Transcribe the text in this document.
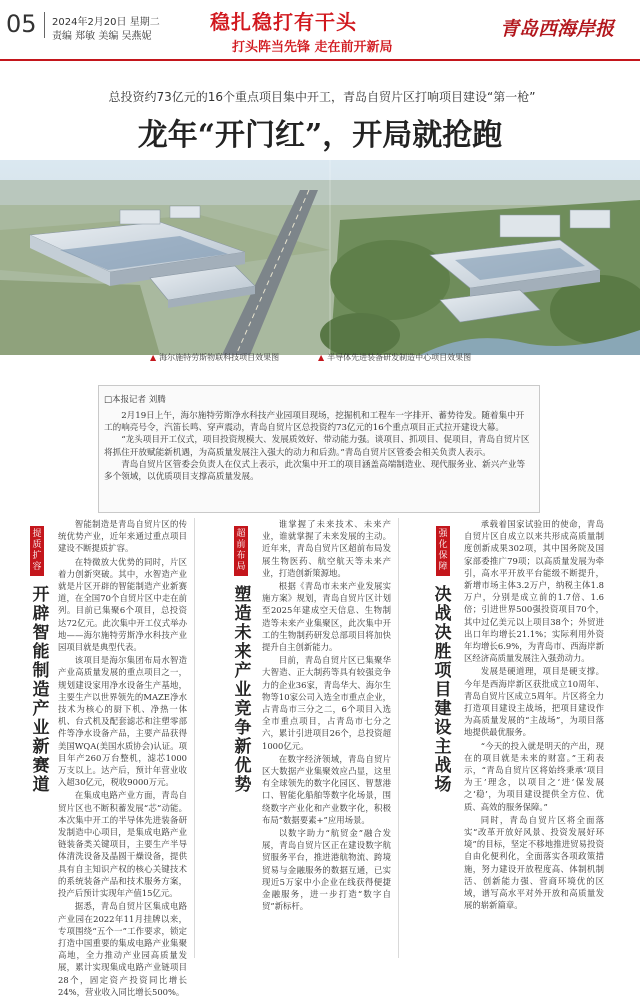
05 2024年2月20日 星期二
责编 郑敏 美编 吴燕妮
稳扎稳打有干头
打头阵当先锋 走在前开新局
青岛西海岸报
总投资约73亿元的16个重点项目集中开工，青岛自贸片区打响项目建设“第一枪”
龙年“开门红”，开局就抢跑
▲ 海尔施特劳斯物联科技项目效果图	▲ 半导体先进装备研发制造中心项目效果图
□本报记者 刘腾

2月19日上午，海尔施特劳斯净水科技产业园项目现场，挖掘机和工程车一字排开、蓄势待发。随着集中开工的响亮号令，汽笛长鸣、穿声震动，青岛自贸片区总投资约73亿元的16个重点项目正式拉开建设大幕。

“龙头项目开工仪式，项目投资规模大、发展质效好、带动能力强。谈项目、抓项目、促项目，青岛自贸片区将抓住开放赋能新机遇，为高质量发展注入强大的动力和后劲。”青岛自贸片区管委会相关负责人表示。

青岛自贸片区管委会负责人在仪式上表示，此次集中开工的项目涵盖高端制造业、现代服务业、新兴产业等多个领域，以优质项目支撑高质量发展。

提质扩容
开辟智能制造产业新赛道

智能制造是青岛自贸片区的传统优势产业，近年来通过重点项目建设不断提质扩容。

在特微放大优势的同时，片区着力创新突破。其中，水智造产业就是片区开辟的智能制造产业新赛道，在全国70个自贸片区中走在前列。目前已集聚6个项目，总投资达72亿元。此次集中开工仪式举办地——海尔施特劳斯净水科技产业园项目就是典型代表。

该项目是海尔集团布局水智造产业高质量发展的重点项目之一，规划建设家用净水设备生产基地，主要生产以世界领先的MAZE净水技术为核心的厨下机、净热一体机、台式机及配套滤芯和注塑零部件等净水设备产品，主要产品获得美国WQA(美国水质协会)认证。项目年产260万台整机，滤芯1000万支以上。达产后，预计年营业收入超30亿元，税收9000万元。

在集成电路产业方面，青岛自贸片区也不断积蓄发展“芯”动能。本次集中开工的半导体先进装备研发制造中心项目，是集成电路产业链装备类关键项目，主要生产半导体清洗设备及晶圆干燥设备，提供具有自主知识产权的核心关键技术的系统装备产品和技术服务方案，投产后预计实现年产值15亿元。

据悉，青岛自贸片区集成电路产业园在2022年11月挂牌以来，专项围绕“五个一”工作要求，锁定打造中国重要的集成电路产业集聚高地，全力推动产业园高质量发展，累计实现集成电路产业链项目28个，固定资产投资同比增长24%，营业收入同比增长500%。

超前布局
塑造未来产业竞争新优势

谁掌握了未来技术、未来产业，谁就掌握了未来发展的主动。近年来，青岛自贸片区超前布局发展生物医药、航空航天等未来产业，打造创新策源地。

根据《青岛市未来产业发展实施方案》规划，青岛自贸片区计划至2025年建成空天信息、生物制造等未来产业集聚区，此次集中开工的生物制药研发总部项目将加快提升自主创新能力。

目前，青岛自贸片区已集聚华大智造、正大制药等具有较强竞争力的企业36家，青岛华大、海尔生物等10家公司入选全市重点企业，占青岛市三分之二，6个项目入选全市重点项目，占青岛市七分之六，累计引进项目26个，总投资超1000亿元。

在数字经济领域，青岛自贸片区大数据产业集聚效应凸显，这里有全球领先的数字化园区、智慧港口、智能化船舶等数字化场景，围绕数字产业化和产业数字化，积极布局“数据要素+”应用场景。

以数字助力“航贸金”融合发展，青岛自贸片区正在建设数字航贸服务平台，推进港航物流、跨境贸易与金融服务的数据互通，已实现近5万家中小企业在线获得便捷金融服务，进一步打造“数字自贸”新标杆。

强化保障
决战决胜项目建设主战场

承载着国家试验田的使命，青岛自贸片区自成立以来共形成高质量制度创新成果302项，其中国务院及国家部委推广79项；以高质量发展为牵引，高水平开放平台能级不断提升，新增市场主体3.2万户，纳税主体1.8万户，分别是成立前的1.7倍、1.6倍；引进世界500强投资项目70个，其中过亿美元以上项目38个；外贸进出口年均增长21.1%；实际利用外资年均增长6.9%，为青岛市、西海岸新区经济高质量发展注入强劲动力。

发展是硬道理，项目是硬支撑。今年是西海岸新区获批成立10周年、青岛自贸片区成立5周年。片区将全力打造项目建设主战场，把项目建设作为高质量发展的“主战场”，为项目落地提供最优服务。

“今天的投入就是明天的产出，现在的项目就是未来的财富。”王莉表示，“青岛自贸片区将始终秉承‘项目为王’理念，以项目之‘进’保发展之‘稳’，为项目建设提供全方位、优质、高效的服务保障。”

同时，青岛自贸片区将全面落实“改革开放好风景、投资发展好环境”的目标，坚定不移地推进贸易投资自由化便利化，全面落实各项政策措施，努力建设开放程度高、体制机制活、创新能力强、营商环境优的区域，谱写高水平对外开放和高质量发展的崭新篇章。
